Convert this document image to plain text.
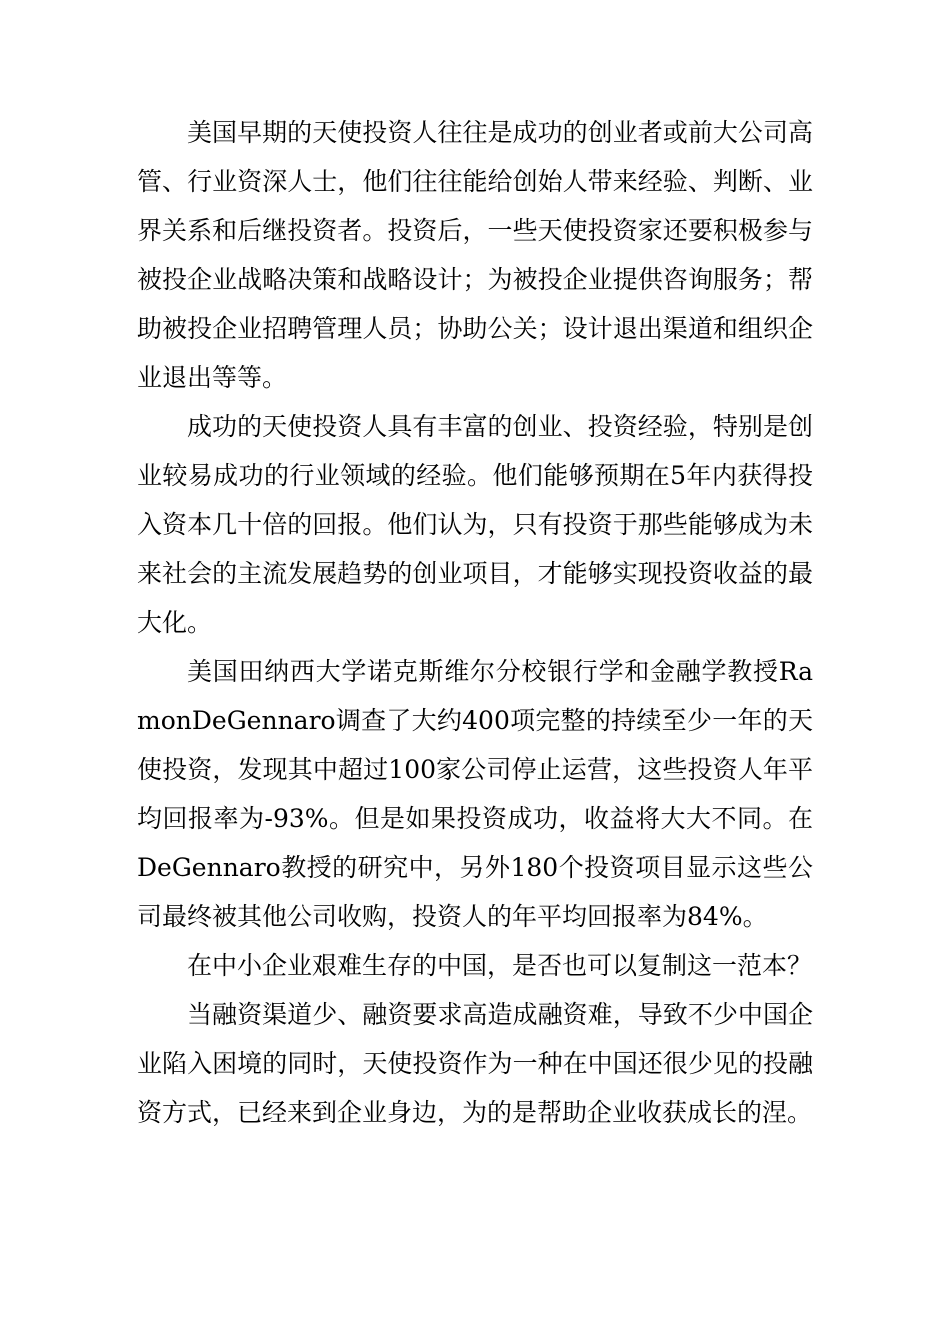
美国早期的天使投资人往往是成功的创业者或前大公司高管、行业资深人士，他们往往能给创始人带来经验、判断、业界关系和后继投资者。投资后，一些天使投资家还要积极参与被投企业战略决策和战略设计；为被投企业提供咨询服务；帮助被投企业招聘管理人员；协助公关；设计退出渠道和组织企业退出等等。

成功的天使投资人具有丰富的创业、投资经验，特别是创业较易成功的行业领域的经验。他们能够预期在5年内获得投入资本几十倍的回报。他们认为，只有投资于那些能够成为未来社会的主流发展趋势的创业项目，才能够实现投资收益的最大化。

美国田纳西大学诺克斯维尔分校银行学和金融学教授RamonDeGennaro调查了大约400项完整的持续至少一年的天使投资，发现其中超过100家公司停止运营，这些投资人年平均回报率为-93%。但是如果投资成功，收益将大大不同。在DeGennaro教授的研究中，另外180个投资项目显示这些公司最终被其他公司收购，投资人的年平均回报率为84%。

在中小企业艰难生存的中国，是否也可以复制这一范本？

当融资渠道少、融资要求高造成融资难，导致不少中国企业陷入困境的同时，天使投资作为一种在中国还很少见的投融资方式，已经来到企业身边，为的是帮助企业收获成长的涅。
